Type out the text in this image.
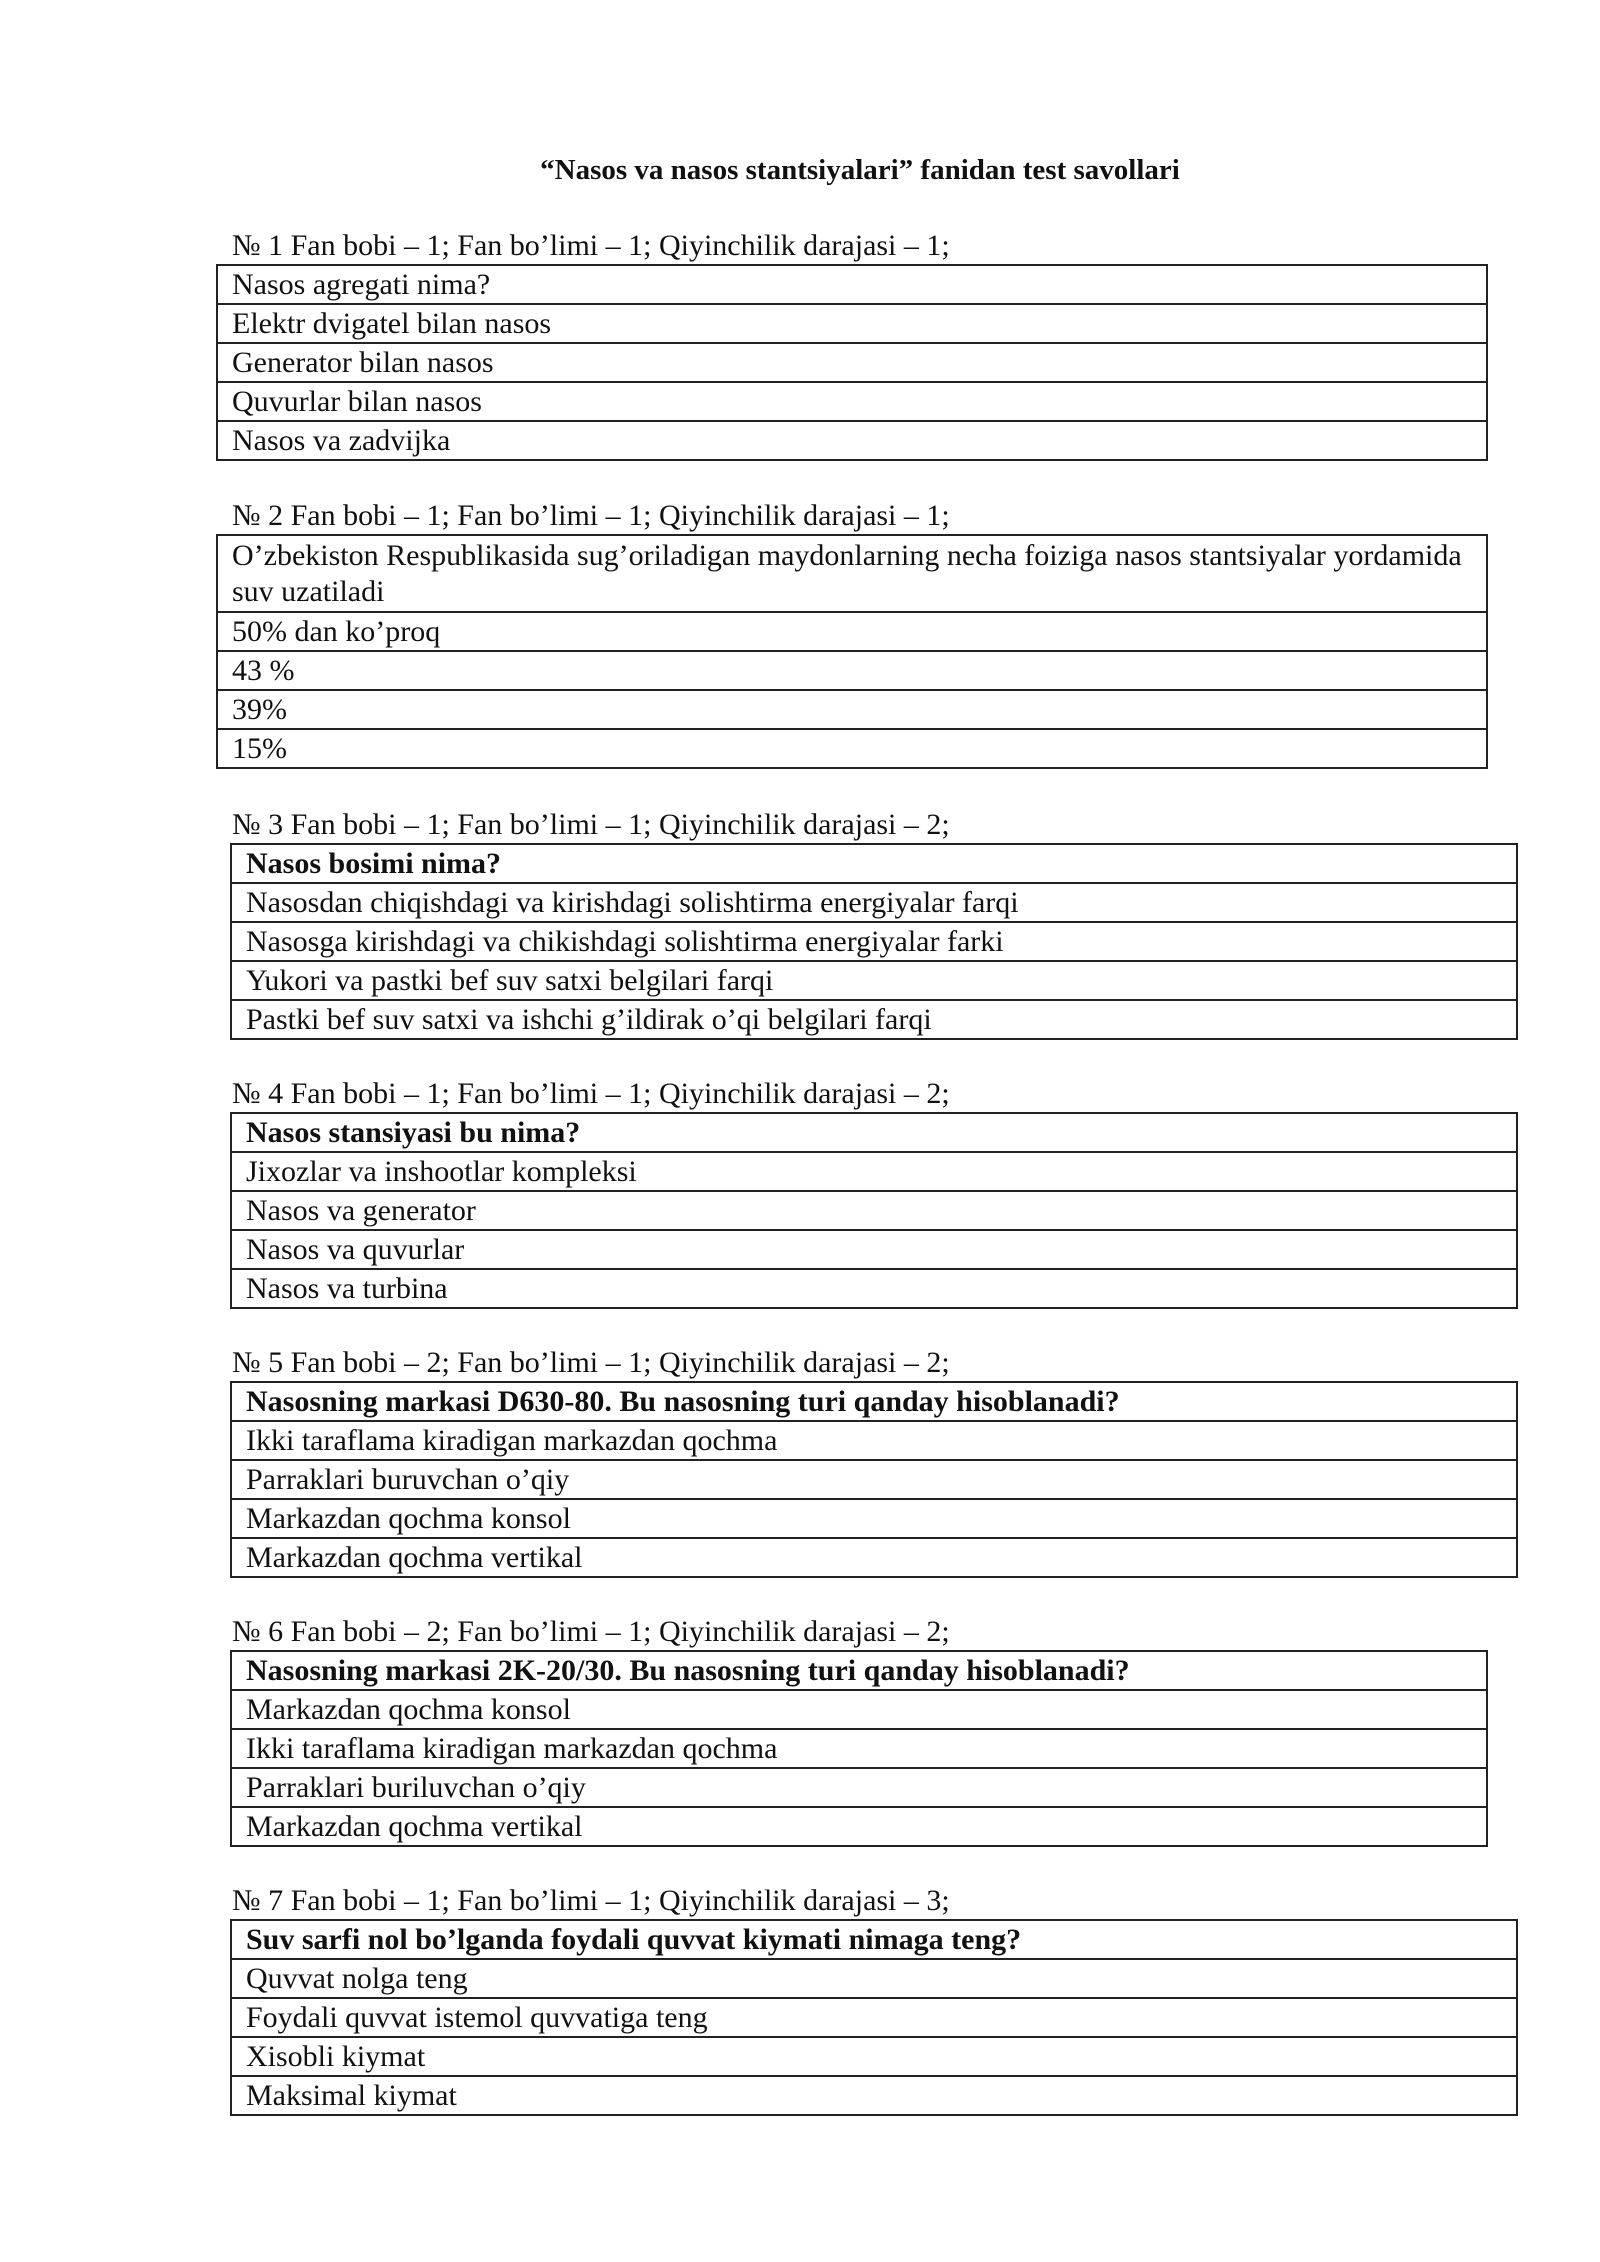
“Nasos va nasos stantsiyalari” fanidan test savollari
№ 1 Fan bobi – 1; Fan bo’limi – 1; Qiyinchilik darajasi – 1;
Nasos agregati nima?
Elektr dvigatel bilan nasos
Generator bilan nasos
Quvurlar bilan nasos
Nasos va zadvijka
№ 2 Fan bobi – 1; Fan bo’limi – 1; Qiyinchilik darajasi – 1;
O’zbekiston Respublikasida sug’oriladigan maydonlarning necha foiziga nasos stantsiyalar yordamida suv uzatiladi
50% dan ko’proq
43 %
39%
15%
№ 3 Fan bobi – 1; Fan bo’limi – 1; Qiyinchilik darajasi – 2;
Nasos bosimi nima?
Nasosdan chiqishdagi va kirishdagi solishtirma energiyalar farqi
Nasosga kirishdagi va chikishdagi solishtirma energiyalar farki
Yukori va pastki bef suv satxi belgilari farqi
Pastki bef suv satxi va ishchi g’ildirak o’qi belgilari farqi
№ 4 Fan bobi – 1; Fan bo’limi – 1; Qiyinchilik darajasi – 2;
Nasos stansiyasi bu nima?
Jixozlar va inshootlar kompleksi
Nasos va generator
Nasos va quvurlar
Nasos va turbina
№ 5 Fan bobi – 2; Fan bo’limi – 1; Qiyinchilik darajasi – 2;
Nasosning markasi D630-80. Bu nasosning turi qanday hisoblanadi?
Ikki taraflama kiradigan markazdan qochma
Parraklari buruvchan o’qiy
Markazdan qochma konsol
Markazdan qochma vertikal
№ 6 Fan bobi – 2; Fan bo’limi – 1; Qiyinchilik darajasi – 2;
Nasosning markasi 2K-20/30. Bu nasosning turi qanday hisoblanadi?
Markazdan qochma konsol
Ikki taraflama kiradigan markazdan qochma
Parraklari buriluvchan o’qiy
Markazdan qochma vertikal
№ 7 Fan bobi – 1; Fan bo’limi – 1; Qiyinchilik darajasi – 3;
Suv sarfi nol bo’lganda foydali quvvat kiymati nimaga teng?
Quvvat nolga teng
Foydali quvvat istemol quvvatiga teng
Xisobli kiymat
Maksimal kiymat
